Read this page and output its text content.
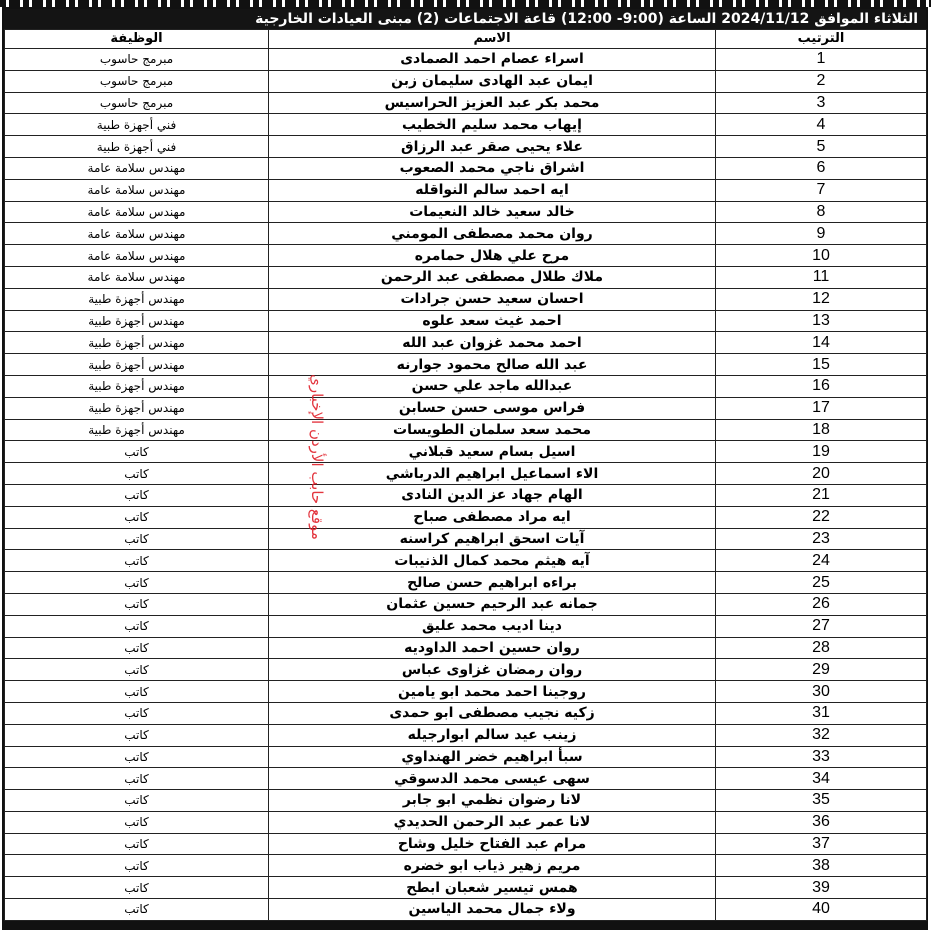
الثلاثاء الموافق 2024/11/12 الساعة (9:00- 12:00) قاعة الاجتماعات (2) مبنى العيادات الخارجية
الوظيفة	الاسم	الترتيب
مبرمج حاسوب	اسراء عصام احمد الصمادى	1
مبرمج حاسوب	ايمان عبد الهادى سليمان زبن	2
مبرمج حاسوب	محمد بكر عبد العزيز الحراسيس	3
فني أجهزة طبية	إيهاب محمد سليم الخطيب	4
فني أجهزة طبية	علاء يحيى صقر عبد الرزاق	5
مهندس سلامة عامة	اشراق ناجي محمد الصعوب	6
مهندس سلامة عامة	ايه احمد سالم النواقله	7
مهندس سلامة عامة	خالد سعيد خالد النعيمات	8
مهندس سلامة عامة	روان محمد مصطفى المومني	9
مهندس سلامة عامة	مرح علي هلال حمامره	10
مهندس سلامة عامة	ملاك طلال مصطفى عبد الرحمن	11
مهندس أجهزة طبية	احسان سعيد حسن جرادات	12
مهندس أجهزة طبية	احمد غيث سعد علوه	13
مهندس أجهزة طبية	احمد محمد غزوان عبد الله	14
مهندس أجهزة طبية	عبد الله صالح محمود جوارنه	15
مهندس أجهزة طبية	عبدالله ماجد علي حسن	16
مهندس أجهزة طبية	فراس موسى حسن حسابن	17
مهندس أجهزة طبية	محمد سعد سلمان الطويسات	18
كاتب	اسيل بسام سعيد قبلاني	19
كاتب	الاء اسماعيل ابراهيم الدرباشي	20
كاتب	الهام جهاد عز الدين النادى	21
كاتب	ايه مراد مصطفى صباح	22
كاتب	آيات اسحق ابراهيم كراسنه	23
كاتب	آيه هيثم محمد كمال الذنيبات	24
كاتب	براءه ابراهيم حسن صالح	25
كاتب	جمانه عبد الرحيم حسين عثمان	26
كاتب	دينا اديب محمد عليق	27
كاتب	روان حسين احمد الداوديه	28
كاتب	روان رمضان غزاوى عباس	29
كاتب	روجينا احمد محمد ابو يامين	30
كاتب	زكيه نجيب مصطفى ابو حمدى	31
كاتب	زينب عيد سالم ابوارجيله	32
كاتب	سبأ ابراهيم خضر الهنداوي	33
كاتب	سهى عيسى محمد الدسوقي	34
كاتب	لانا رضوان نظمي ابو جابر	35
كاتب	لانا عمر عبد الرحمن الحديدي	36
كاتب	مرام عبد الفتاح خليل وشاح	37
كاتب	مريم زهير ذياب ابو خضره	38
كاتب	همس تيسير شعبان ابطح	39
كاتب	ولاء جمال محمد الياسين	40
موقع حابب الأردن الإخباري
